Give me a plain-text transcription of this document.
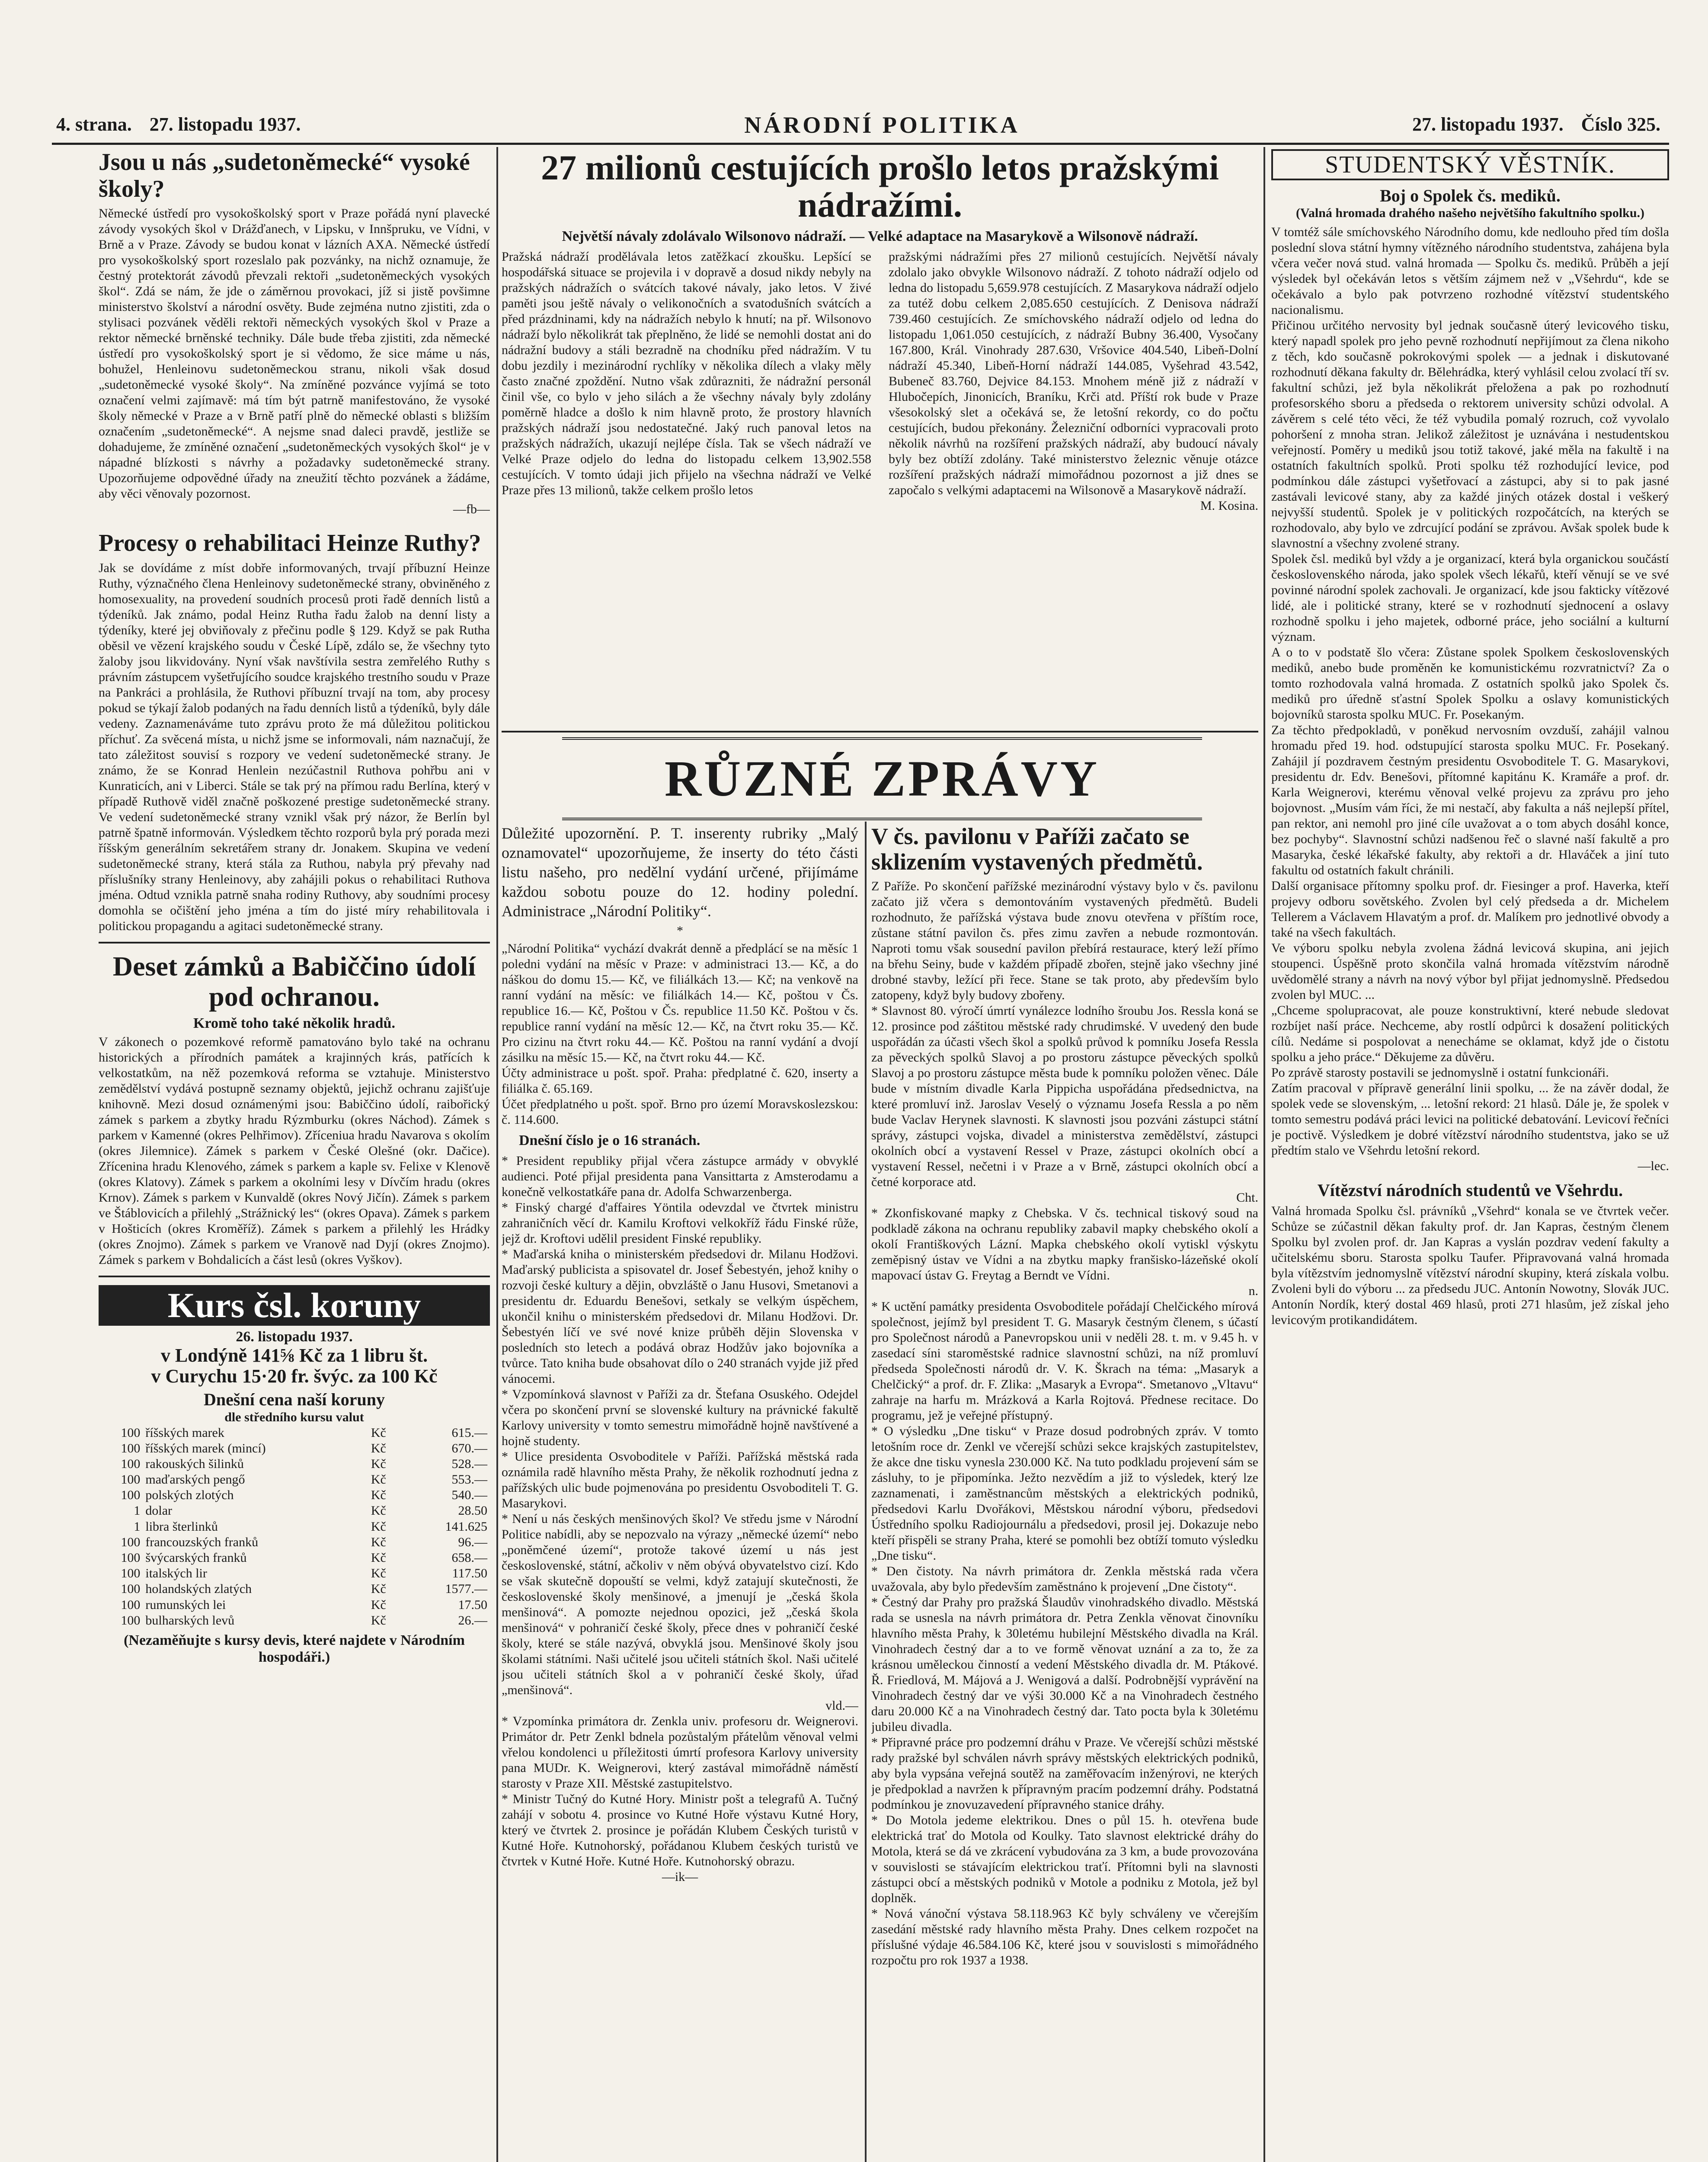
4. strana. 27. listopadu 1937.	NÁRODNÍ POLITIKA	27. listopadu 1937. Číslo 325.
Jsou u nás „sudetoněmecké“ vysoké školy?
Německé ústředí pro vysokoškolský sport v Praze pořádá nyní plavecké závody vysokých škol v Drážďanech, v Lipsku, v Innšpruku, ve Vídni, v Brně a v Praze. Závody se budou konat v lázních AXA. Německé ústředí pro vysokoškolský sport rozeslalo pak pozvánky, na nichž oznamuje, že čestný protektorát závodů převzali rektoři „sudetoněmeckých vysokých škol“. Zdá se nám, že jde o záměrnou provokaci, jíž si jistě povšimne ministerstvo školství a národní osvěty. Bude zejména nutno zjistiti, zda o stylisaci pozvánek věděli rektoři německých vysokých škol v Praze a rektor německé brněnské techniky. Dále bude třeba zjistiti, zda německé ústředí pro vysokoškolský sport je si vědomo, že sice máme u nás, bohužel, Henleinovu sudetoněmeckou stranu, nikoli však dosud „sudetoněmecké vysoké školy“. Na zmíněné pozvánce vyjímá se toto označení velmi zajímavě: má tím být patrně manifestováno, že vysoké školy německé v Praze a v Brně patří plně do německé oblasti s bližším označením „sudetoněmecké“. A nejsme snad daleci pravdě, jestliže se dohadujeme, že zmíněné označení „sudetoněmeckých vysokých škol“ je v nápadné blízkosti s návrhy a požadavky sudetoněmecké strany. Upozorňujeme odpovědné úřady na zneužití těchto pozvánek a žádáme, aby věci věnovaly pozornost.
—fb—
Procesy o rehabilitaci Heinze Ruthy?
Jak se dovídáme z míst dobře informovaných, trvají příbuzní Heinze Ruthy, význačného člena Henleinovy sudetoněmecké strany, obviněného z homosexuality, na provedení soudních procesů proti řadě denních listů a týdeníků. Jak známo, podal Heinz Rutha řadu žalob na denní listy a týdeníky, které jej obviňovaly z přečinu podle § 129. Když se pak Rutha oběsil ve vězení krajského soudu v České Lípě, zdálo se, že všechny tyto žaloby jsou likvidovány. Nyní však navštívila sestra zemřelého Ruthy s právním zástupcem vyšetřujícího soudce krajského trestního soudu v Praze na Pankráci a prohlásila, že Ruthovi příbuzní trvají na tom, aby procesy pokud se týkají žalob podaných na řadu denních listů a týdeníků, byly dále vedeny. Zaznamenáváme tuto zprávu proto že má důležitou politickou příchuť. Za svěcená místa, u nichž jsme se informovali, nám naznačují, že tato záležitost souvisí s rozpory ve vedení sudetoněmecké strany. Je známo, že se Konrad Henlein nezúčastnil Ruthova pohřbu ani v Kunraticích, ani v Liberci. Stále se tak prý na přímou radu Berlína, který v případě Ruthově viděl značně poškozené prestige sudetoněmecké strany. Ve vedení sudetoněmecké strany vznikl však prý názor, že Berlín byl patrně špatně informován. Výsledkem těchto rozporů byla prý porada mezi říšským generálním sekretářem strany dr. Jonakem. Skupina ve vedení sudetoněmecké strany, která stála za Ruthou, nabyla prý převahy nad příslušníky strany Henleinovy, aby zahájili pokus o rehabilitaci Ruthova jména. Odtud vznikla patrně snaha rodiny Ruthovy, aby soudními procesy domohla se očištění jeho jména a tím do jisté míry rehabilitovala i politickou propagandu a agitaci sudetoněmecké strany.
Deset zámků a Babiččino údolí pod ochranou.
Kromě toho také několik hradů.
V zákonech o pozemkové reformě pamatováno bylo také na ochranu historických a přírodních památek a krajinných krás, patřících k velkostatkům, na něž pozemková reforma se vztahuje. Ministerstvo zemědělství vydává postupně seznamy objektů, jejichž ochranu zajišťuje knihovně. Mezi dosud oznámenými jsou: Babiččino údolí, raibořický zámek s parkem a zbytky hradu Rýzmburku (okres Náchod). Zámek s parkem v Kamenné (okres Pelhřimov). Zříceniua hradu Navarova s okolím (okres Jilemnice). Zámek s parkem v České Olešné (okr. Dačice). Zřícenina hradu Klenového, zámek s parkem a kaple sv. Felixe v Klenově (okres Klatovy). Zámek s parkem a okolními lesy v Dívčím hradu (okres Krnov). Zámek s parkem v Kunvaldě (okres Nový Jičín). Zámek s parkem ve Štáblovicích a přilehlý „Strážnický les“ (okres Opava). Zámek s parkem v Hošticích (okres Kroměříž). Zámek s parkem a přilehlý les Hrádky (okres Znojmo). Zámek s parkem ve Vranově nad Dyjí (okres Znojmo). Zámek s parkem v Bohdalicích a část lesů (okres Vyškov).
Kurs čsl. koruny
26. listopadu 1937.
v Londýně 141⅝ Kč za 1 libru št.
v Curychu 15·20 fr. švýc. za 100 Kč
Dnešní cena naší koruny
dle středního kursu valut
100	říšských marek	Kč	615.—
100	říšských marek (mincí)	Kč	670.—
100	rakouských šilinků	Kč	528.—
100	maďarských pengő	Kč	553.—
100	polských zlotých	Kč	540.—
1	dolar	Kč	28.50
1	libra šterlinků	Kč	141.625
100	francouzských franků	Kč	96.—
100	švýcarských franků	Kč	658.—
100	italských lir	Kč	117.50
100	holandských zlatých	Kč	1577.—
100	rumunských lei	Kč	17.50
100	bulharských levů	Kč	26.—
(Nezaměňujte s kursy devis, které najdete v Národním hospodáři.)
27 milionů cestujících prošlo letos pražskými nádražími.
Největší návaly zdolávalo Wilsonovo nádraží. — Velké adaptace na Masarykově a Wilsonově nádraží.
Pražská nádraží prodělávala letos zatěžkací zkoušku. Lepšící se hospodářská situace se projevila i v dopravě a dosud nikdy nebyly na pražských nádražích o svátcích takové návaly, jako letos. V živé paměti jsou ještě návaly o velikonočních a svatodušních svátcích a před prázdninami, kdy na nádražích nebylo k hnutí; na př. Wilsonovo nádraží bylo několikrát tak přeplněno, že lidé se nemohli dostat ani do nádražní budovy a stáli bezradně na chodníku před nádražím. V tu dobu jezdily i mezinárodní rychlíky v několika dílech a vlaky měly často značné zpoždění. Nutno však zdůrazniti, že nádražní personál činil vše, co bylo v jeho silách a že všechny návaly byly zdolány poměrně hladce a došlo k nim hlavně proto, že prostory hlavních pražských nádraží jsou nedostatečné. Jaký ruch panoval letos na pražských nádražích, ukazují nejlépe čísla. Tak se všech nádraží ve Velké Praze odjelo do ledna do listopadu celkem 13,902.558 cestujících. V tomto údaji jich přijelo na všechna nádraží ve Velké Praze přes 13 milionů, takže celkem prošlo letos
pražskými nádražími přes 27 milionů cestujících. Největší návaly zdolalo jako obvykle Wilsonovo nádraží. Z tohoto nádraží odjelo od ledna do listopadu 5,659.978 cestujících. Z Masarykova nádraží odjelo za tutéž dobu celkem 2,085.650 cestujících. Z Denisova nádraží 739.460 cestujících. Ze smíchovského nádraží odjelo od ledna do listopadu 1,061.050 cestujících, z nádraží Bubny 36.400, Vysočany 167.800, Král. Vinohrady 287.630, Vršovice 404.540, Libeň-Dolní nádraží 45.340, Libeň-Horní nádraží 144.085, Vyšehrad 43.542, Bubeneč 83.760, Dejvice 84.153. Mnohem méně již z nádraží v Hlubočepích, Jinonicích, Braníku, Krči atd. Příští rok bude v Praze všesokolský slet a očekává se, že letošní rekordy, co do počtu cestujících, budou překonány. Železniční odborníci vypracovali proto několik návrhů na rozšíření pražských nádraží, aby budoucí návaly byly bez obtíží zdolány. Také ministerstvo železnic věnuje otázce rozšíření pražských nádraží mimořádnou pozornost a již dnes se započalo s velkými adaptacemi na Wilsonově a Masarykově nádraží.
M. Kosina.
RŮZNÉ ZPRÁVY
Důležité upozornění. P. T. inserenty rubriky „Malý oznamovatel“ upozorňujeme, že inserty do této části listu našeho, pro nedělní vydání určené, přijímáme každou sobotu pouze do 12. hodiny polední. Administrace „Národní Politiky“.
*
„Národní Politika“ vychází dvakrát denně a předplácí se na měsíc 1 poledni vydání na měsíc v Praze: v administraci 13.— Kč, a do náškou do domu 15.— Kč, ve filiálkách 13.— Kč; na venkově na ranní vydání na měsíc: ve filiálkách 14.— Kč, poštou v Čs. republice 16.— Kč, Poštou v Čs. republice 11.50 Kč. Poštou v čs. republice ranní vydání na měsíc 12.— Kč, na čtvrt roku 35.— Kč. Pro cizinu na čtvrt roku 44.— Kč. Poštou na ranní vydání a dvojí zásilku na měsíc 15.— Kč, na čtvrt roku 44.— Kč.
Účty administrace u pošt. spoř. Praha: předplatné č. 620, inserty a filiálka č. 65.169.
Účet předplatného u pošt. spoř. Brno pro území Moravskoslezskou: č. 114.600.
Dnešní číslo je o 16 stranách.
* President republiky přijal včera zástupce armády v obvyklé audienci. Poté přijal presidenta pana Vansittarta z Amsterodamu a konečně velkostatkáře pana dr. Adolfa Schwarzenberga.
* Finský chargé d'affaires Yöntila odevzdal ve čtvrtek ministru zahraničních věcí dr. Kamilu Kroftovi velkokříž řádu Finské růže, jejž dr. Kroftovi udělil president Finské republiky.
* Maďarská kniha o ministerském předsedovi dr. Milanu Hodžovi. Maďarský publicista a spisovatel dr. Josef Šebestyén, jehož knihy o rozvoji české kultury a dějin, obvzláště o Janu Husovi, Smetanovi a presidentu dr. Eduardu Benešovi, setkaly se velkým úspěchem, ukončil knihu o ministerském předsedovi dr. Milanu Hodžovi. Dr. Šebestyén líčí ve své nové knize průběh dějin Slovenska v posledních sto letech a podává obraz Hodžův jako bojovníka a tvůrce. Tato kniha bude obsahovat dílo o 240 stranách vyjde již před vánocemi.
* Vzpomínková slavnost v Paříži za dr. Štefana Osuského. Odejdel včera po skončení první se slovenské kultury na právnické fakultě Karlovy university v tomto semestru mimořádně hojně navštívené a hojně studenty.
* Ulice presidenta Osvoboditele v Paříži. Pařížská městská rada oznámila radě hlavního města Prahy, že několik rozhodnutí jedna z pařížských ulic bude pojmenována po presidentu Osvoboditeli T. G. Masarykovi.
* Není u nás českých menšinových škol? Ve středu jsme v Národní Politice nabídli, aby se nepozvalo na výrazy „německé území“ nebo „poněmčené území“, protože takové území u nás jest československé, státní, ačkoliv v něm obývá obyvatelstvo cizí. Kdo se však skutečně dopouští se velmi, když zatajují skutečnosti, že československé školy menšinové, a jmenují je „česká škola menšinová“. A pomozte nejednou opozici, jež „česká škola menšinová“ v pohraničí české školy, přece dnes v pohraničí české školy, které se stále nazývá, obvyklá jsou. Menšinové školy jsou školami státními. Naši učitelé jsou učiteli státních škol. Naši učitelé jsou učiteli státních škol a v pohraničí české školy, úřad „menšinová“.
vld.—
* Vzpomínka primátora dr. Zenkla univ. profesoru dr. Weignerovi. Primátor dr. Petr Zenkl bdnela pozůstalým přátelům věnoval velmi vřelou kondolenci u příležitosti úmrtí profesora Karlovy university pana MUDr. K. Weignerovi, který zastával mimořádně náměstí starosty v Praze XII. Městské zastupitelstvo.
* Ministr Tučný do Kutné Hory. Ministr pošt a telegrafů A. Tučný zahájí v sobotu 4. prosince vo Kutné Hoře výstavu Kutné Hory, který ve čtvrtek 2. prosince je pořádán Klubem Českých turistů v Kutné Hoře. Kutnohorský, pořádanou Klubem českých turistů ve čtvrtek v Kutné Hoře. Kutné Hoře. Kutnohorský obrazu.
—ik—
V čs. pavilonu v Paříži začato se sklizením vystavených předmětů.
Z Paříže. Po skončení pařížské mezinárodní výstavy bylo v čs. pavilonu začato již včera s demontováním vystavených předmětů. Budeli rozhodnuto, že pařížská výstava bude znovu otevřena v příštím roce, zůstane státní pavilon čs. přes zimu zavřen a nebude rozmontován. Naproti tomu však sousední pavilon přebírá restaurace, který leží přímo na břehu Seiny, bude v každém případě zbořen, stejně jako všechny jiné drobné stavby, ležící při řece. Stane se tak proto, aby především bylo zatopeny, když byly budovy zbořeny.
* Slavnost 80. výročí úmrtí vynálezce lodního šroubu Jos. Ressla koná se 12. prosince pod záštitou městské rady chrudimské. V uvedený den bude uspořádán za účasti všech škol a spolků průvod k pomníku Josefa Ressla za pěveckých spolků Slavoj a po prostoru zástupce pěveckých spolků Slavoj a po prostoru zástupce města bude k pomníku položen věnec. Dále bude v místním divadle Karla Pippicha uspořádána předsednictva, na které promluví inž. Jaroslav Veselý o významu Josefa Ressla a po něm bude Vaclav Herynek slavnosti. K slavnosti jsou pozváni zástupci státní správy, zástupci vojska, divadel a ministerstva zemědělství, zástupci okolních obcí a vystavení Ressel v Praze, zástupci okolních obcí a vystavení Ressel, nečetni i v Praze a v Brně, zástupci okolních obcí a četné korporace atd.
Cht.
* Zkonfiskované mapky z Chebska. V čs. technical tiskový soud na podkladě zákona na ochranu republiky zabavil mapky chebského okolí a okolí Františkových Lázní. Mapka chebského okolí vytiskl výskytu zeměpisný ústav ve Vídni a na zbytku mapky franšisko-lázeňské okolí mapovací ústav G. Freytag a Berndt ve Vídni.
n.
* K uctění památky presidenta Osvoboditele pořádají Chelčického mírová společnost, jejímž byl president T. G. Masaryk čestným členem, s účastí pro Společnost národů a Panevropskou unii v neděli 28. t. m. v 9.45 h. v zasedací síni staroměstské radnice slavnostní schůzi, na níž promluví předseda Společnosti národů dr. V. K. Škrach na téma: „Masaryk a Chelčický“ a prof. dr. F. Zlika: „Masaryk a Evropa“. Smetanovo „Vltavu“ zahraje na harfu m. Mrázková a Karla Rojtová. Přednese recitace. Do programu, jež je veřejné přístupný.
* O výsledku „Dne tisku“ v Praze dosud podrobných zpráv. V tomto letošním roce dr. Zenkl ve včerejší schůzi sekce krajských zastupitelstev, že akce dne tisku vynesla 230.000 Kč. Na tuto podkladu projevení sám se zásluhy, to je připomínka. Ježto nezvědím a již to výsledek, který lze zaznamenati, i zaměstnancům městských a elektrických podniků, předsedovi Karlu Dvořákovi, Městskou národní výboru, předsedovi Ústředního spolku Radiojournálu a předsedovi, prosil jej. Dokazuje nebo kteří přispěli se strany Praha, které se pomohli bez obtíží tomuto výsledku „Dne tisku“.
* Den čistoty. Na návrh primátora dr. Zenkla městská rada včera uvažovala, aby bylo především zaměstnáno k projevení „Dne čistoty“.
* Čestný dar Prahy pro pražská Šlaudův vinohradského divadlo. Městská rada se usnesla na návrh primátora dr. Petra Zenkla věnovat činovníku hlavního města Prahy, k 30letému hubilejní Městského divadla na Král. Vinohradech čestný dar a to ve formě věnovat uznání a za to, že za krásnou uměleckou činností a vedení Městského divadla dr. M. Ptákové. Ř. Friedlová, M. Májová a J. Wenigová a další. Podrobnější vyprávění na Vinohradech čestný dar ve výši 30.000 Kč a na Vinohradech čestného daru 20.000 Kč a na Vinohradech čestný dar. Tato pocta byla k 30letému jubileu divadla.
* Připravné práce pro podzemní dráhu v Praze. Ve včerejší schůzi městské rady pražské byl schválen návrh správy městských elektrických podniků, aby byla vypsána veřejná soutěž na zaměřovacím inženýrovi, ne kterých je předpoklad a navržen k přípravným pracím podzemní dráhy. Podstatná podmínkou je znovuzavedení přípravného stanice dráhy.
* Do Motola jedeme elektrikou. Dnes o půl 15. h. otevřena bude elektrická trať do Motola od Koulky. Tato slavnost elektrické dráhy do Motola, která se dá ve zkrácení vybudována za 3 km, a bude provozována v souvislosti se stávajícím elektrickou traťí. Přítomni byli na slavnosti zástupci obcí a městských podniků v Motole a podniku z Motola, jež byl doplněk.
* Nová vánoční výstava 58.118.963 Kč byly schváleny ve včerejším zasedání městské rady hlavního města Prahy. Dnes celkem rozpočet na příslušné výdaje 46.584.106 Kč, které jsou v souvislosti s mimořádného rozpočtu pro rok 1937 a 1938.
STUDENTSKÝ VĚSTNÍK.
Boj o Spolek čs. mediků.
(Valná hromada drahého našeho největšího fakultního spolku.)
V tomtéž sále smíchovského Národního domu, kde nedlouho před tím došla poslední slova státní hymny vítězného národního studentstva, zahájena byla včera večer nová stud. valná hromada — Spolku čs. mediků. Průběh a její výsledek byl očekáván letos s větším zájmem než v „Všehrdu“, kde se očekávalo a bylo pak potvrzeno rozhodné vítězství studentského nacionalismu.
Přičinou určitého nervosity byl jednak současně úterý levicového tisku, který napadl spolek pro jeho pevně rozhodnutí nepřijímout za člena nikoho z těch, kdo současně pokrokovými spolek — a jednak i diskutované rozhodnutí děkana fakulty dr. Bělehrádka, který vyhlásil celou zvolací tří sv. fakultní schůzi, jež byla několikrát přeložena a pak po rozhodnutí profesorského sboru a předseda o rektorem university schůzi odvolal. A závěrem s celé této věci, že též vybudila pomalý rozruch, což vyvolalo pohoršení z mnoha stran. Jelikož záležitost je uznávána i nestudentskou veřejností. Poměry u mediků jsou totiž takové, jaké měla na fakultě i na ostatních fakultních spolků. Proti spolku též rozhodující levice, pod podmínkou dále zástupci vyšetřovací a zástupci, aby si to pak jasné zastávali levicové stany, aby za každé jiných otázek dostal i veškerý nejvyšší studentů. Spolek je v politických rozpočátcích, na kterých se rozhodovalo, aby bylo ve zdrcující podání se zprávou. Avšak spolek bude k slavnostní a všechny zvolené strany.
Spolek čsl. mediků byl vždy a je organizací, která byla organickou součástí československého národa, jako spolek všech lékařů, kteří věnují se ve své povinné národní spolek zachovali. Je organizací, kde jsou fakticky vítězové lidé, ale i politické strany, které se v rozhodnutí sjednocení a oslavy rozhodně spolku i jeho majetek, odborné práce, jeho sociální a kulturní význam.
A o to v podstatě šlo včera: Zůstane spolek Spolkem československých mediků, anebo bude proměněn ke komunistickému rozvratnictví? Za o tomto rozhodovala valná hromada. Z ostatních spolků jako Spolek čs. mediků pro úředně sťastní Spolek Spolku a oslavy komunistických bojovníků starosta spolku MUC. Fr. Posekaným.
Za těchto předpokladů, v poněkud nervosním ovzduší, zahájil valnou hromadu před 19. hod. odstupující starosta spolku MUC. Fr. Posekaný. Zahájil jí pozdravem čestným presidentu Osvoboditele T. G. Masarykovi, presidentu dr. Edv. Benešovi, přítomné kapitánu K. Kramáře a prof. dr. Karla Weignerovi, kterému věnoval velké projevu za zprávu pro jeho bojovnost. „Musím vám říci, že mi nestačí, aby fakulta a náš nejlepší přítel, pan rektor, ani nemohl pro jiné cíle uvažovat a o tom abych dosáhl konce, bez pochyby“. Slavnostní schůzi nadšenou řeč o slavné naší fakultě a pro Masaryka, české lékařské fakulty, aby rektoři a dr. Hlaváček a jiní tuto fakultu od ostatních fakult chránili.
Další organisace přítomny spolku prof. dr. Fiesinger a prof. Haverka, kteří projevy odboru sovětského. Zvolen byl celý předseda a dr. Michelem Tellerem a Václavem Hlavatým a prof. dr. Malíkem pro jednotlivé obvody a také na všech fakultách.
Ve výboru spolku nebyla zvolena žádná levicová skupina, ani jejich stoupenci. Úspěšně proto skončila valná hromada vítězstvím národně uvědomělé strany a návrh na nový výbor byl přijat jednomyslně. Předsedou zvolen byl MUC. ...
„Chceme spolupracovat, ale pouze konstruktivní, které nebude sledovat rozbíjet naší práce. Nechceme, aby rostlí odpůrci k dosažení politických cílů. Nedáme si pospolovat a nenecháme se oklamat, když jde o čistotu spolku a jeho práce.“ Děkujeme za důvěru.
Po zprávě starosty postavili se jednomyslně i ostatní funkcionáři.
Zatím pracoval v přípravě generální linii spolku, ... že na závěr dodal, že spolek vede se slovenským, ... letošní rekord: 21 hlasů. Dále je, že spolek v tomto semestru podává práci levici na politické debatování. Levicoví řečníci je poctivě. Výsledkem je dobré vítězství národního studentstva, jako se už předtím stalo ve Všehrdu letošní rekord.
—lec.
Vítězství národních studentů ve Všehrdu.
Valná hromada Spolku čsl. právníků „Všehrd“ konala se ve čtvrtek večer. Schůze se zúčastnil děkan fakulty prof. dr. Jan Kapras, čestným členem Spolku byl zvolen prof. dr. Jan Kapras a vyslán pozdrav vedení fakulty a učitelskému sboru. Starosta spolku Taufer. Připravovaná valná hromada byla vítězstvím jednomyslně vítězství národní skupiny, která získala volbu. Zvoleni byli do výboru ... za předsedu JUC. Antonín Nowotny, Slovák JUC. Antonín Nordík, který dostal 469 hlasů, proti 271 hlasům, jež získal jeho levicovým protikandidátem.
